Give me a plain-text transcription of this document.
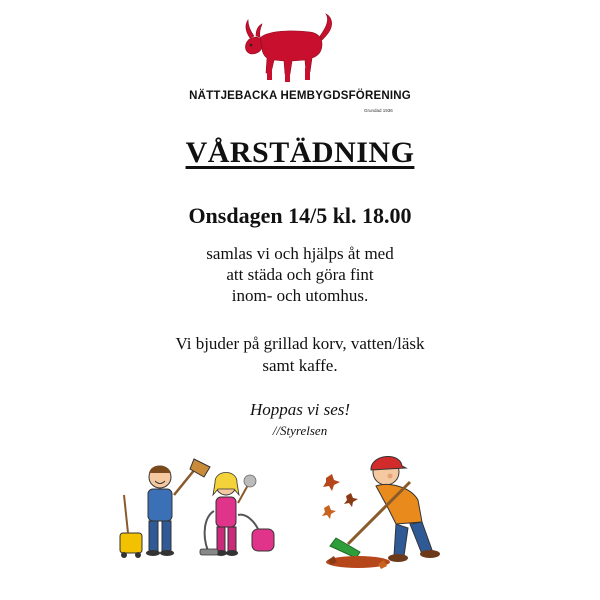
NÄTTJEBACKA HEMBYGDSFÖRENING
Grundad 1936
VÅRSTÄDNING
Onsdagen 14/5 kl. 18.00
samlas vi och hjälps åt med
att städa och göra fint
inom- och utomhus.
Vi bjuder på grillad korv, vatten/läsk
samt kaffe.
Hoppas vi ses!
//Styrelsen
